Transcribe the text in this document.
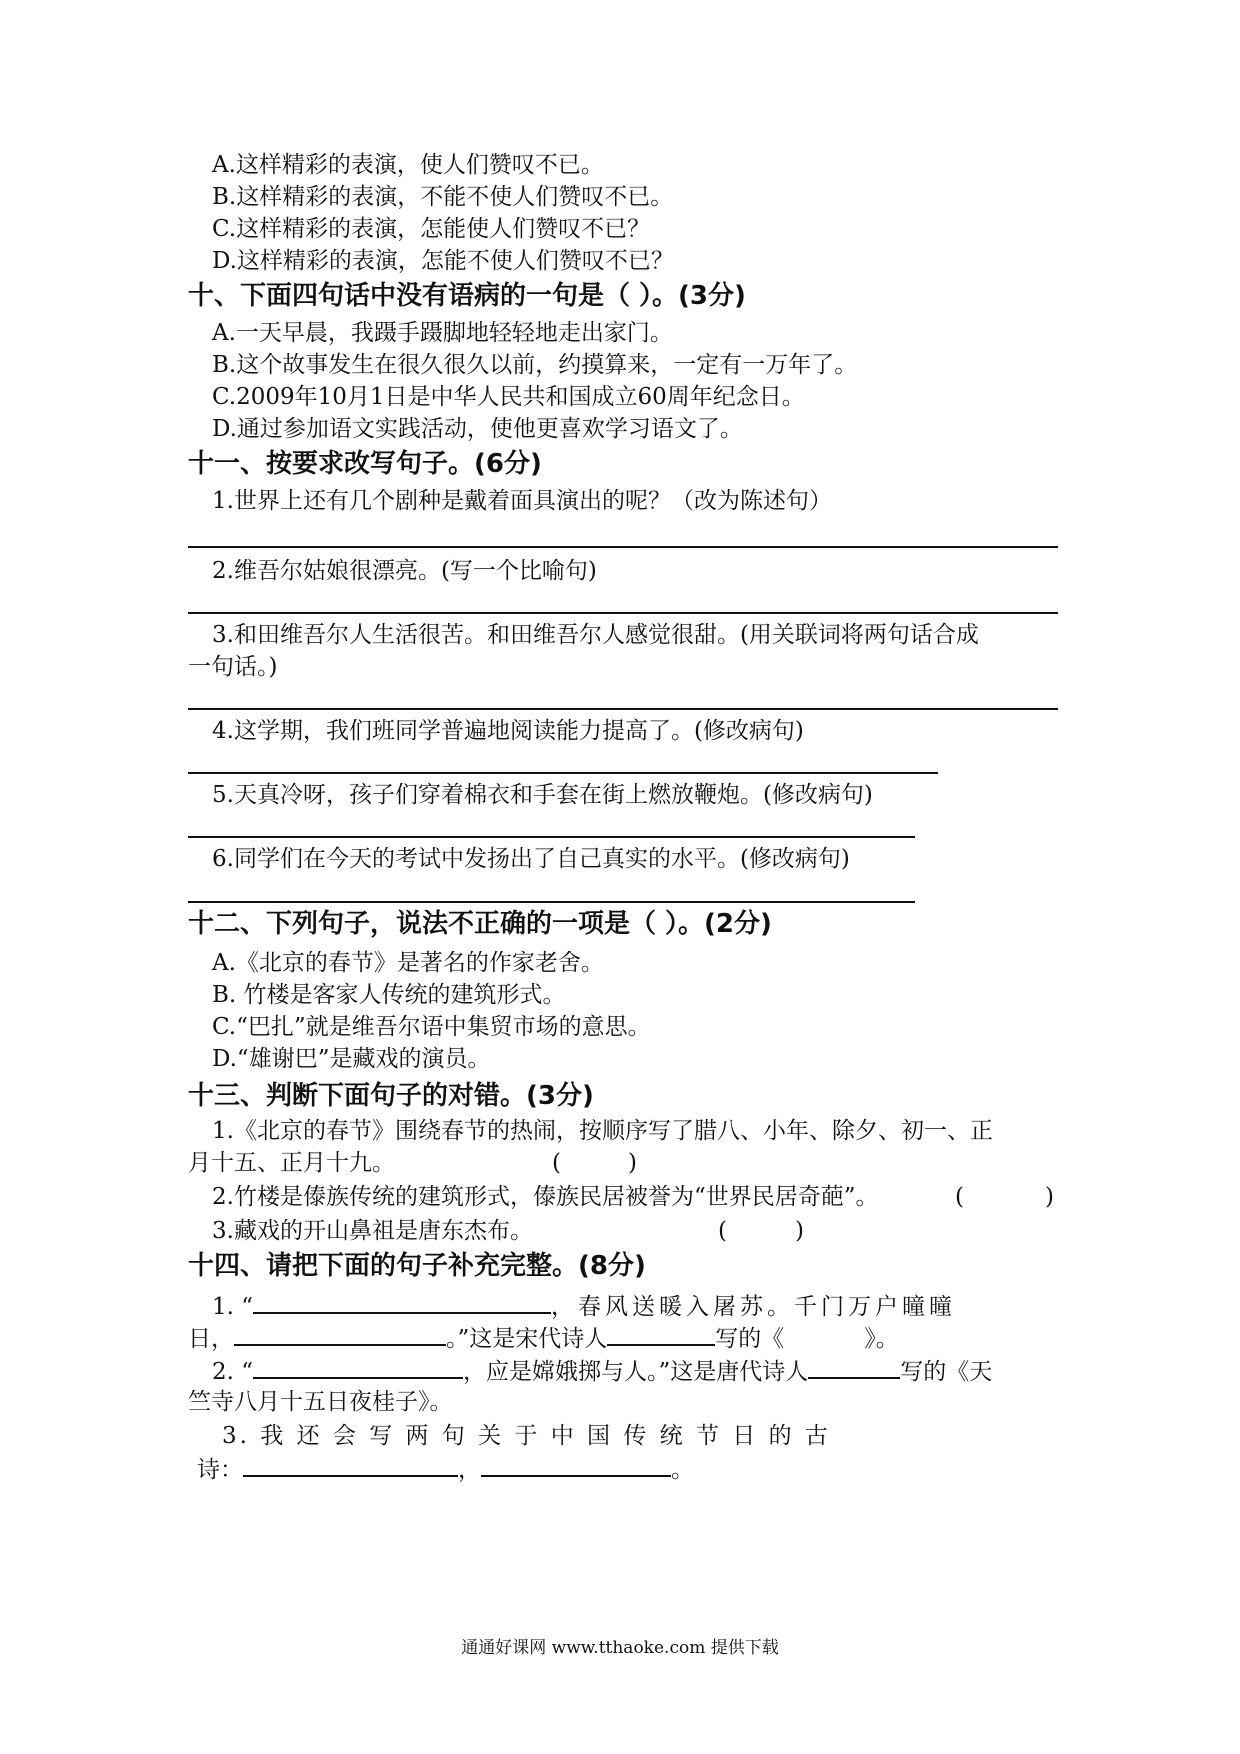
A.这样精彩的表演，使人们赞叹不已。
B.这样精彩的表演，不能不使人们赞叹不已。
C.这样精彩的表演，怎能使人们赞叹不已？
D.这样精彩的表演，怎能不使人们赞叹不已？
十、下面四句话中没有语病的一句是（ ）。(3分)
A.一天早晨，我蹑手蹑脚地轻轻地走出家门。
B.这个故事发生在很久很久以前，约摸算来，一定有一万年了。
C.2009年10月1日是中华人民共和国成立60周年纪念日。
D.通过参加语文实践活动，使他更喜欢学习语文了。
十一、按要求改写句子。(6分)
1.世界上还有几个剧种是戴着面具演出的呢？（改为陈述句）
2.维吾尔姑娘很漂亮。(写一个比喻句)
3.和田维吾尔人生活很苦。和田维吾尔人感觉很甜。(用关联词将两句话合成
一句话。)
4.这学期，我们班同学普遍地阅读能力提高了。(修改病句)
5.天真冷呀，孩子们穿着棉衣和手套在街上燃放鞭炮。(修改病句)
6.同学们在今天的考试中发扬出了自己真实的水平。(修改病句)
十二、下列句子，说法不正确的一项是（ ）。(2分)
A.《北京的春节》是著名的作家老舍。
B. 竹楼是客家人传统的建筑形式。
C.“巴扎”就是维吾尔语中集贸市场的意思。
D.“雄谢巴”是藏戏的演员。
十三、判断下面句子的对错。(3分)
1.《北京的春节》围绕春节的热闹，按顺序写了腊八、小年、除夕、初一、正
月十五、正月十九。	(	)
2.竹楼是傣族传统的建筑形式，傣族民居被誉为“世界民居奇葩”。	(	)
3.藏戏的开山鼻祖是唐东杰布。	(	)
十四、请把下面的句子补充完整。(8分)
1. “	，春风送暖入屠苏。千门万户曈曈
日，	。”这是宋代诗人	写的《	》。
2. “	，应是嫦娥掷与人。”这是唐代诗人	写的《天
竺寺八月十五日夜桂子》。
3. 我 还 会 写 两 句 关 于 中 国 传 统 节 日 的 古
诗：	，	。
通通好课网 www.tthaoke.com 提供下载
